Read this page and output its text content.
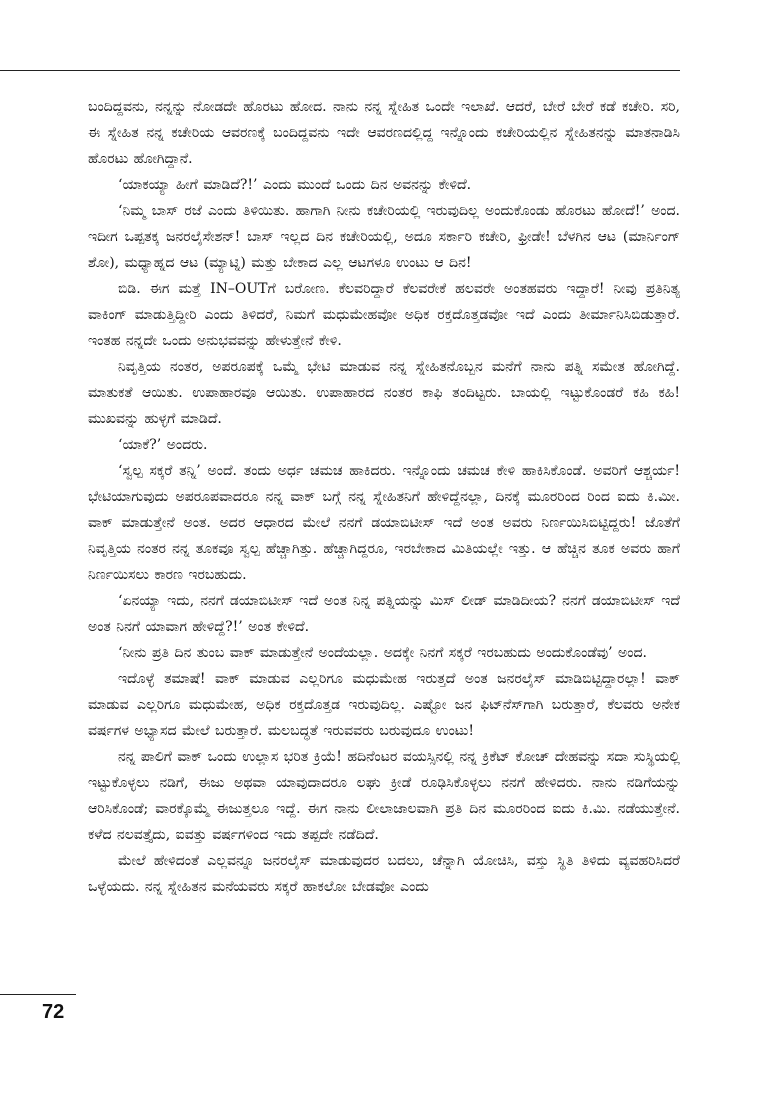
ಬಂದಿದ್ದವನು, ನನ್ನನ್ನು ನೋಡದೇ ಹೊರಟು ಹೋದ. ನಾನು ನನ್ನ ಸ್ನೇಹಿತ ಒಂದೇ ಇಲಾಖೆ. ಆದರೆ, ಬೇರೆ ಬೇರೆ ಕಡೆ ಕಚೇರಿ. ಸರಿ, ಈ ಸ್ನೇಹಿತ ನನ್ನ ಕಚೇರಿಯ ಆವರಣಕ್ಕೆ ಬಂದಿದ್ದವನು ಇದೇ ಆವರಣದಲ್ಲಿದ್ದ ಇನ್ನೊಂದು ಕಚೇರಿಯಲ್ಲಿನ ಸ್ನೇಹಿತನನ್ನು ಮಾತನಾಡಿಸಿ ಹೊರಟು ಹೋಗಿದ್ದಾನೆ.

‘ಯಾಕಯ್ಯಾ ಹೀಗೆ ಮಾಡಿದೆ?!’ ಎಂದು ಮುಂದೆ ಒಂದು ದಿನ ಅವನನ್ನು ಕೇಳಿದೆ.

‘ನಿಮ್ಮ ಬಾಸ್ ರಜೆ ಎಂದು ತಿಳಿಯಿತು. ಹಾಗಾಗಿ ನೀನು ಕಚೇರಿಯಲ್ಲಿ ಇರುವುದಿಲ್ಲ ಅಂದುಕೊಂಡು ಹೊರಟು ಹೋದೆ!’ ಅಂದ. ಇದೀಗ ಒಪ್ಪತಕ್ಕ ಜನರಲೈಸೇಶನ್! ಬಾಸ್ ಇಲ್ಲದ ದಿನ ಕಚೇರಿಯಲ್ಲಿ, ಅದೂ ಸರ್ಕಾರಿ ಕಚೇರಿ, ಫ್ರೀಡೇ! ಬೆಳಗಿನ ಆಟ (ಮಾರ್ನಿಂಗ್ ಶೋ), ಮಧ್ಯಾಹ್ನದ ಆಟ (ಮ್ಯಾಟ್ನಿ) ಮತ್ತು ಬೇಕಾದ ಎಲ್ಲ ಆಟಗಳೂ ಉಂಟು ಆ ದಿನ!

ಬಿಡಿ. ಈಗ ಮತ್ತೆ IN–OUTಗೆ ಬರೋಣ. ಕೆಲವರಿದ್ದಾರೆ ಕೆಲವರೇಕೆ ಹಲವರೇ ಅಂತಹವರು ಇದ್ದಾರೆ! ನೀವು ಪ್ರತಿನಿತ್ಯ ವಾಕಿಂಗ್ ಮಾಡುತ್ತಿದ್ದೀರಿ ಎಂದು ತಿಳಿದರೆ, ನಿಮಗೆ ಮಧುಮೇಹವೋ ಅಧಿಕ ರಕ್ತದೊತ್ತಡವೋ ಇದೆ ಎಂದು ತೀರ್ಮಾನಿಸಿಬಿಡುತ್ತಾರೆ. ಇಂತಹ ನನ್ನದೇ ಒಂದು ಅನುಭವವನ್ನು ಹೇಳುತ್ತೇನೆ ಕೇಳಿ.

ನಿವೃತ್ತಿಯ ನಂತರ, ಅಪರೂಪಕ್ಕೆ ಒಮ್ಮೆ ಭೇಟಿ ಮಾಡುವ ನನ್ನ ಸ್ನೇಹಿತನೊಬ್ಬನ ಮನೆಗೆ ನಾನು ಪತ್ನಿ ಸಮೇತ ಹೋಗಿದ್ದೆ. ಮಾತುಕತೆ ಆಯಿತು. ಉಪಾಹಾರವೂ ಆಯಿತು. ಉಪಾಹಾರದ ನಂತರ ಕಾಫಿ ತಂದಿಟ್ಟರು. ಬಾಯಲ್ಲಿ ಇಟ್ಟುಕೊಂಡರೆ ಕಹಿ ಕಹಿ! ಮುಖವನ್ನು ಹುಳ್ಳಗೆ ಮಾಡಿದೆ.

‘ಯಾಕೆ?’ ಅಂದರು.

‘ಸ್ವಲ್ಪ ಸಕ್ಕರೆ ತನ್ನಿ’ ಅಂದೆ. ತಂದು ಅರ್ಧ ಚಮಚ ಹಾಕಿದರು. ಇನ್ನೊಂದು ಚಮಚ ಕೇಳಿ ಹಾಕಿಸಿಕೊಂಡೆ. ಅವರಿಗೆ ಆಶ್ಚರ್ಯ! ಭೇಟಿಯಾಗುವುದು ಅಪರೂಪವಾದರೂ ನನ್ನ ವಾಕ್ ಬಗ್ಗೆ ನನ್ನ ಸ್ನೇಹಿತನಿಗೆ ಹೇಳಿದ್ದೆನಲ್ಲಾ, ದಿನಕ್ಕೆ ಮೂರರಿಂದ ರಿಂದ ಐದು ಕಿ.ಮೀ. ವಾಕ್ ಮಾಡುತ್ತೇನೆ ಅಂತ. ಅದರ ಆಧಾರದ ಮೇಲೆ ನನಗೆ ಡಯಾಬಿಟೀಸ್ ಇದೆ ಅಂತ ಅವರು ನಿರ್ಣಯಿಸಿಬಿಟ್ಟಿದ್ದರು! ಜೊತೆಗೆ ನಿವೃತ್ತಿಯ ನಂತರ ನನ್ನ ತೂಕವೂ ಸ್ವಲ್ಪ ಹೆಚ್ಚಾಗಿತ್ತು. ಹೆಚ್ಚಾಗಿದ್ದರೂ, ಇರಬೇಕಾದ ಮಿತಿಯಲ್ಲೇ ಇತ್ತು. ಆ ಹೆಚ್ಚಿನ ತೂಕ ಅವರು ಹಾಗೆ ನಿರ್ಣಯಿಸಲು ಕಾರಣ ಇರಬಹುದು.

‘ಏನಯ್ಯಾ ಇದು, ನನಗೆ ಡಯಾಬಿಟೀಸ್ ಇದೆ ಅಂತ ನಿನ್ನ ಪತ್ನಿಯನ್ನು ಮಿಸ್ ಲೀಡ್ ಮಾಡಿದೀಯ? ನನಗೆ ಡಯಾಬಿಟೀಸ್ ಇದೆ ಅಂತ ನಿನಗೆ ಯಾವಾಗ ಹೇಳಿದ್ದೆ?!’ ಅಂತ ಕೇಳಿದೆ.

‘ನೀನು ಪ್ರತಿ ದಿನ ತುಂಬ ವಾಕ್ ಮಾಡುತ್ತೇನೆ ಅಂದೆಯಲ್ಲಾ. ಅದಕ್ಕೇ ನಿನಗೆ ಸಕ್ಕರೆ ಇರಬಹುದು ಅಂದುಕೊಂಡೆವು’ ಅಂದ.

ಇದೊಳ್ಳೆ ತಮಾಷೆ! ವಾಕ್ ಮಾಡುವ ಎಲ್ಲರಿಗೂ ಮಧುಮೇಹ ಇರುತ್ತದೆ ಅಂತ ಜನರಲೈಸ್ ಮಾಡಿಬಿಟ್ಟಿದ್ದಾರಲ್ಲಾ! ವಾಕ್ ಮಾಡುವ ಎಲ್ಲರಿಗೂ ಮಧುಮೇಹ, ಅಧಿಕ ರಕ್ತದೊತ್ತಡ ಇರುವುದಿಲ್ಲ. ಎಷ್ಟೋ ಜನ ಫಿಟ್‌ನೆಸ್‌ಗಾಗಿ ಬರುತ್ತಾರೆ, ಕೆಲವರು ಅನೇಕ ವರ್ಷಗಳ ಅಭ್ಯಾಸದ ಮೇಲೆ ಬರುತ್ತಾರೆ. ಮಲಬದ್ಧತೆ ಇರುವವರು ಬರುವುದೂ ಉಂಟು!

ನನ್ನ ಪಾಲಿಗೆ ವಾಕ್ ಒಂದು ಉಲ್ಲಾಸ ಭರಿತ ಕ್ರಿಯೆ! ಹದಿನೆಂಟರ ವಯಸ್ಸಿನಲ್ಲಿ ನನ್ನ ಕ್ರಿಕೆಟ್ ಕೋಚ್ ದೇಹವನ್ನು ಸದಾ ಸುಸ್ಥಿಯಲ್ಲಿ ಇಟ್ಟುಕೊಳ್ಳಲು ನಡಿಗೆ, ಈಜು ಅಥವಾ ಯಾವುದಾದರೂ ಲಘು ಕ್ರೀಡೆ ರೂಢಿಸಿಕೊಳ್ಳಲು ನನಗೆ ಹೇಳಿದರು. ನಾನು ನಡಿಗೆಯನ್ನು ಆರಿಸಿಕೊಂಡೆ; ವಾರಕ್ಕೊಮ್ಮೆ ಈಜುತ್ತಲೂ ಇದ್ದೆ. ಈಗ ನಾನು ಲೀಲಾಜಾಲವಾಗಿ ಪ್ರತಿ ದಿನ ಮೂರರಿಂದ ಐದು ಕಿ.ಮಿ. ನಡೆಯುತ್ತೇನೆ. ಕಳೆದ ನಲವತ್ತೈದು, ಐವತ್ತು ವರ್ಷಗಳಿಂದ ಇದು ತಪ್ಪದೇ ನಡೆದಿದೆ.

ಮೇಲೆ ಹೇಳಿದಂತೆ ಎಲ್ಲವನ್ನೂ ಜನರಲೈಸ್ ಮಾಡುವುದರ ಬದಲು, ಚೆನ್ನಾಗಿ ಯೋಚಿಸಿ, ವಸ್ತು ಸ್ಥಿತಿ ತಿಳಿದು ವ್ಯವಹರಿಸಿದರೆ ಒಳ್ಳೆಯದು. ನನ್ನ ಸ್ನೇಹಿತನ ಮನೆಯವರು ಸಕ್ಕರೆ ಹಾಕಲೋ ಬೇಡವೋ ಎಂದು

72
